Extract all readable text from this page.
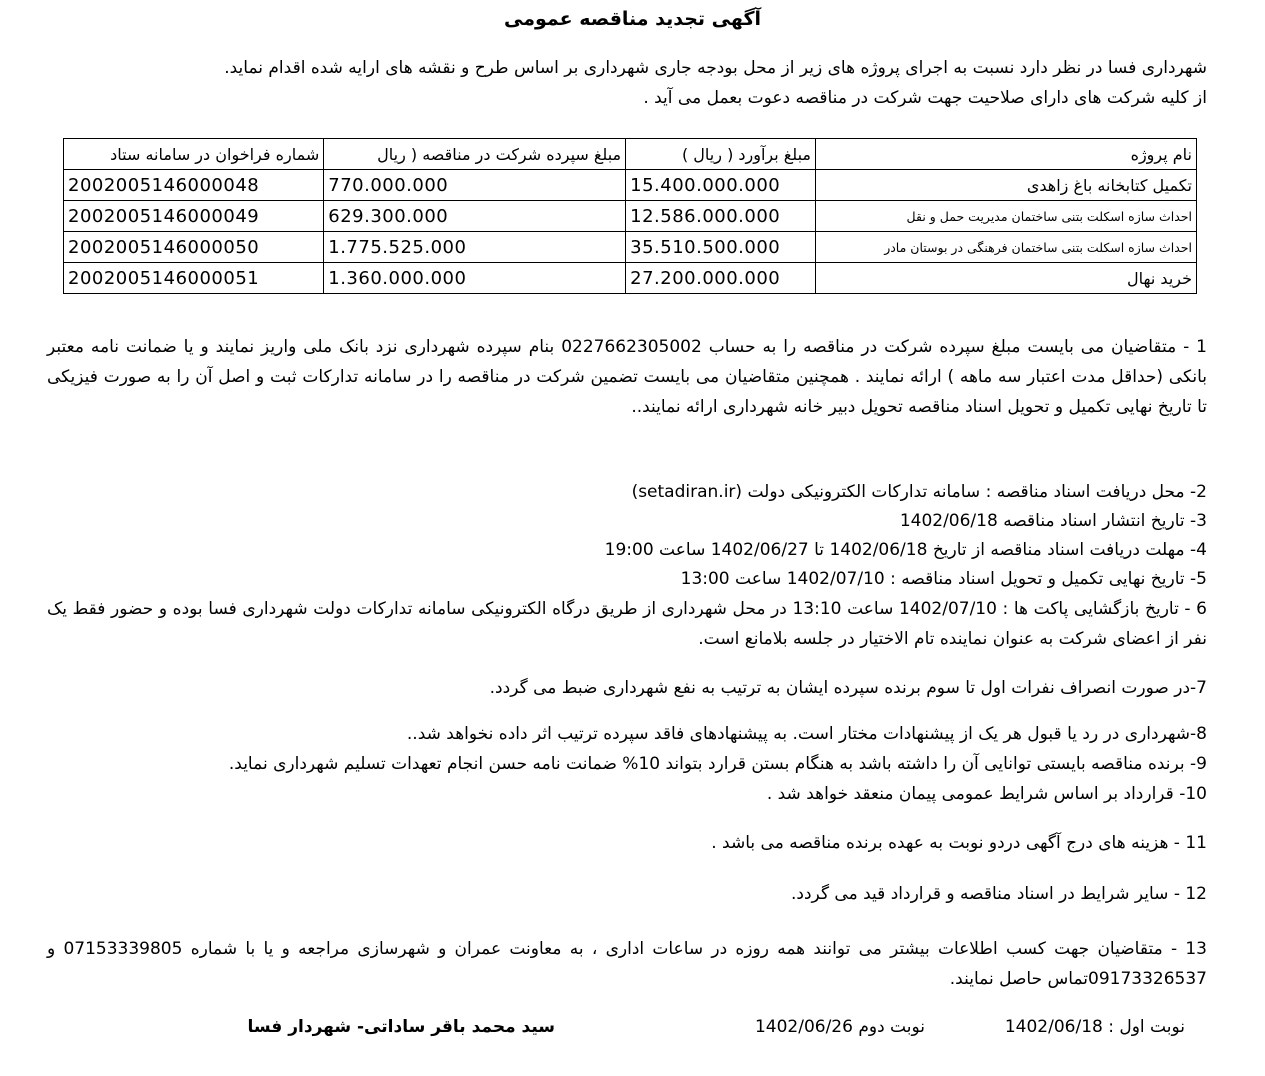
آگهی تجدید مناقصه عمومی
شهرداری فسا در نظر دارد نسبت به اجرای پروژه های زیر از محل بودجه جاری شهرداری بر اساس طرح و نقشه های ارایه شده اقدام نماید.
از کلیه شرکت های دارای صلاحیت جهت شرکت در مناقصه دعوت بعمل می آید .
نام پروژه	مبلغ برآورد ( ریال )	مبلغ سپرده شرکت در مناقصه ( ریال	شماره فراخوان در سامانه ستاد
تکمیل کتابخانه باغ زاهدی	15.400.000.000	770.000.000	2002005146000048
احداث سازه اسکلت بتنی ساختمان مدیریت حمل و نقل	12.586.000.000	629.300.000	2002005146000049
احداث سازه اسکلت بتنی ساختمان فرهنگی در بوستان مادر	35.510.500.000	1.775.525.000	2002005146000050
خرید نهال	27.200.000.000	1.360.000.000	2002005146000051
1 - متقاضیان می بایست مبلغ سپرده شرکت در مناقصه را به حساب 0227662305002 بنام سپرده شهرداری نزد بانک ملی واریز نمایند و یا ضمانت نامه معتبر بانکی (حداقل مدت اعتبار سه ماهه ) ارائه نمایند . همچنین متقاضیان می بایست تضمین شرکت در مناقصه را در سامانه تدارکات ثبت و اصل آن را به صورت فیزیکی تا تاریخ نهایی تکمیل و تحویل اسناد مناقصه تحویل دبیر خانه شهرداری ارائه نمایند..
2- محل دریافت اسناد مناقصه : سامانه تدارکات الکترونیکی دولت (setadiran.ir)
3- تاریخ انتشار اسناد مناقصه 1402/06/18
4- مهلت دریافت اسناد مناقصه از تاریخ 1402/06/18 تا 1402/06/27 ساعت 19:00
5- تاریخ نهایی تکمیل و تحویل اسناد مناقصه : 1402/07/10 ساعت 13:00
6 - تاریخ بازگشایی پاکت ها : 1402/07/10 ساعت 13:10 در محل شهرداری از طریق درگاه الکترونیکی سامانه تدارکات دولت شهرداری فسا بوده و حضور فقط یک نفر از اعضای شرکت به عنوان نماینده تام الاختیار در جلسه بلامانع است.
7-در صورت انصراف نفرات اول تا سوم برنده سپرده ایشان به ترتیب به نفع شهرداری ضبط می گردد.
8-شهرداری در رد یا قبول هر یک از پیشنهادات مختار است. به پیشنهادهای فاقد سپرده ترتیب اثر داده نخواهد شد..
9- برنده مناقصه بایستی توانایی آن را داشته باشد به هنگام بستن قرارد بتواند 10% ضمانت نامه حسن انجام تعهدات تسلیم شهرداری نماید.
10- قرارداد بر اساس شرایط عمومی پیمان منعقد خواهد شد .
11 - هزینه های درج آگهی دردو نوبت به عهده برنده مناقصه می باشد .
12 - سایر شرایط در اسناد مناقصه و قرارداد قید می گردد.
13 - متقاضیان جهت کسب اطلاعات بیشتر می توانند همه روزه در ساعات اداری ، به معاونت عمران و شهرسازی مراجعه و یا با شماره 07153339805 و 09173326537تماس حاصل نمایند.
نوبت اول : 1402/06/18
نوبت دوم 1402/06/26
سید محمد باقر ساداتی- شهردار فسا
